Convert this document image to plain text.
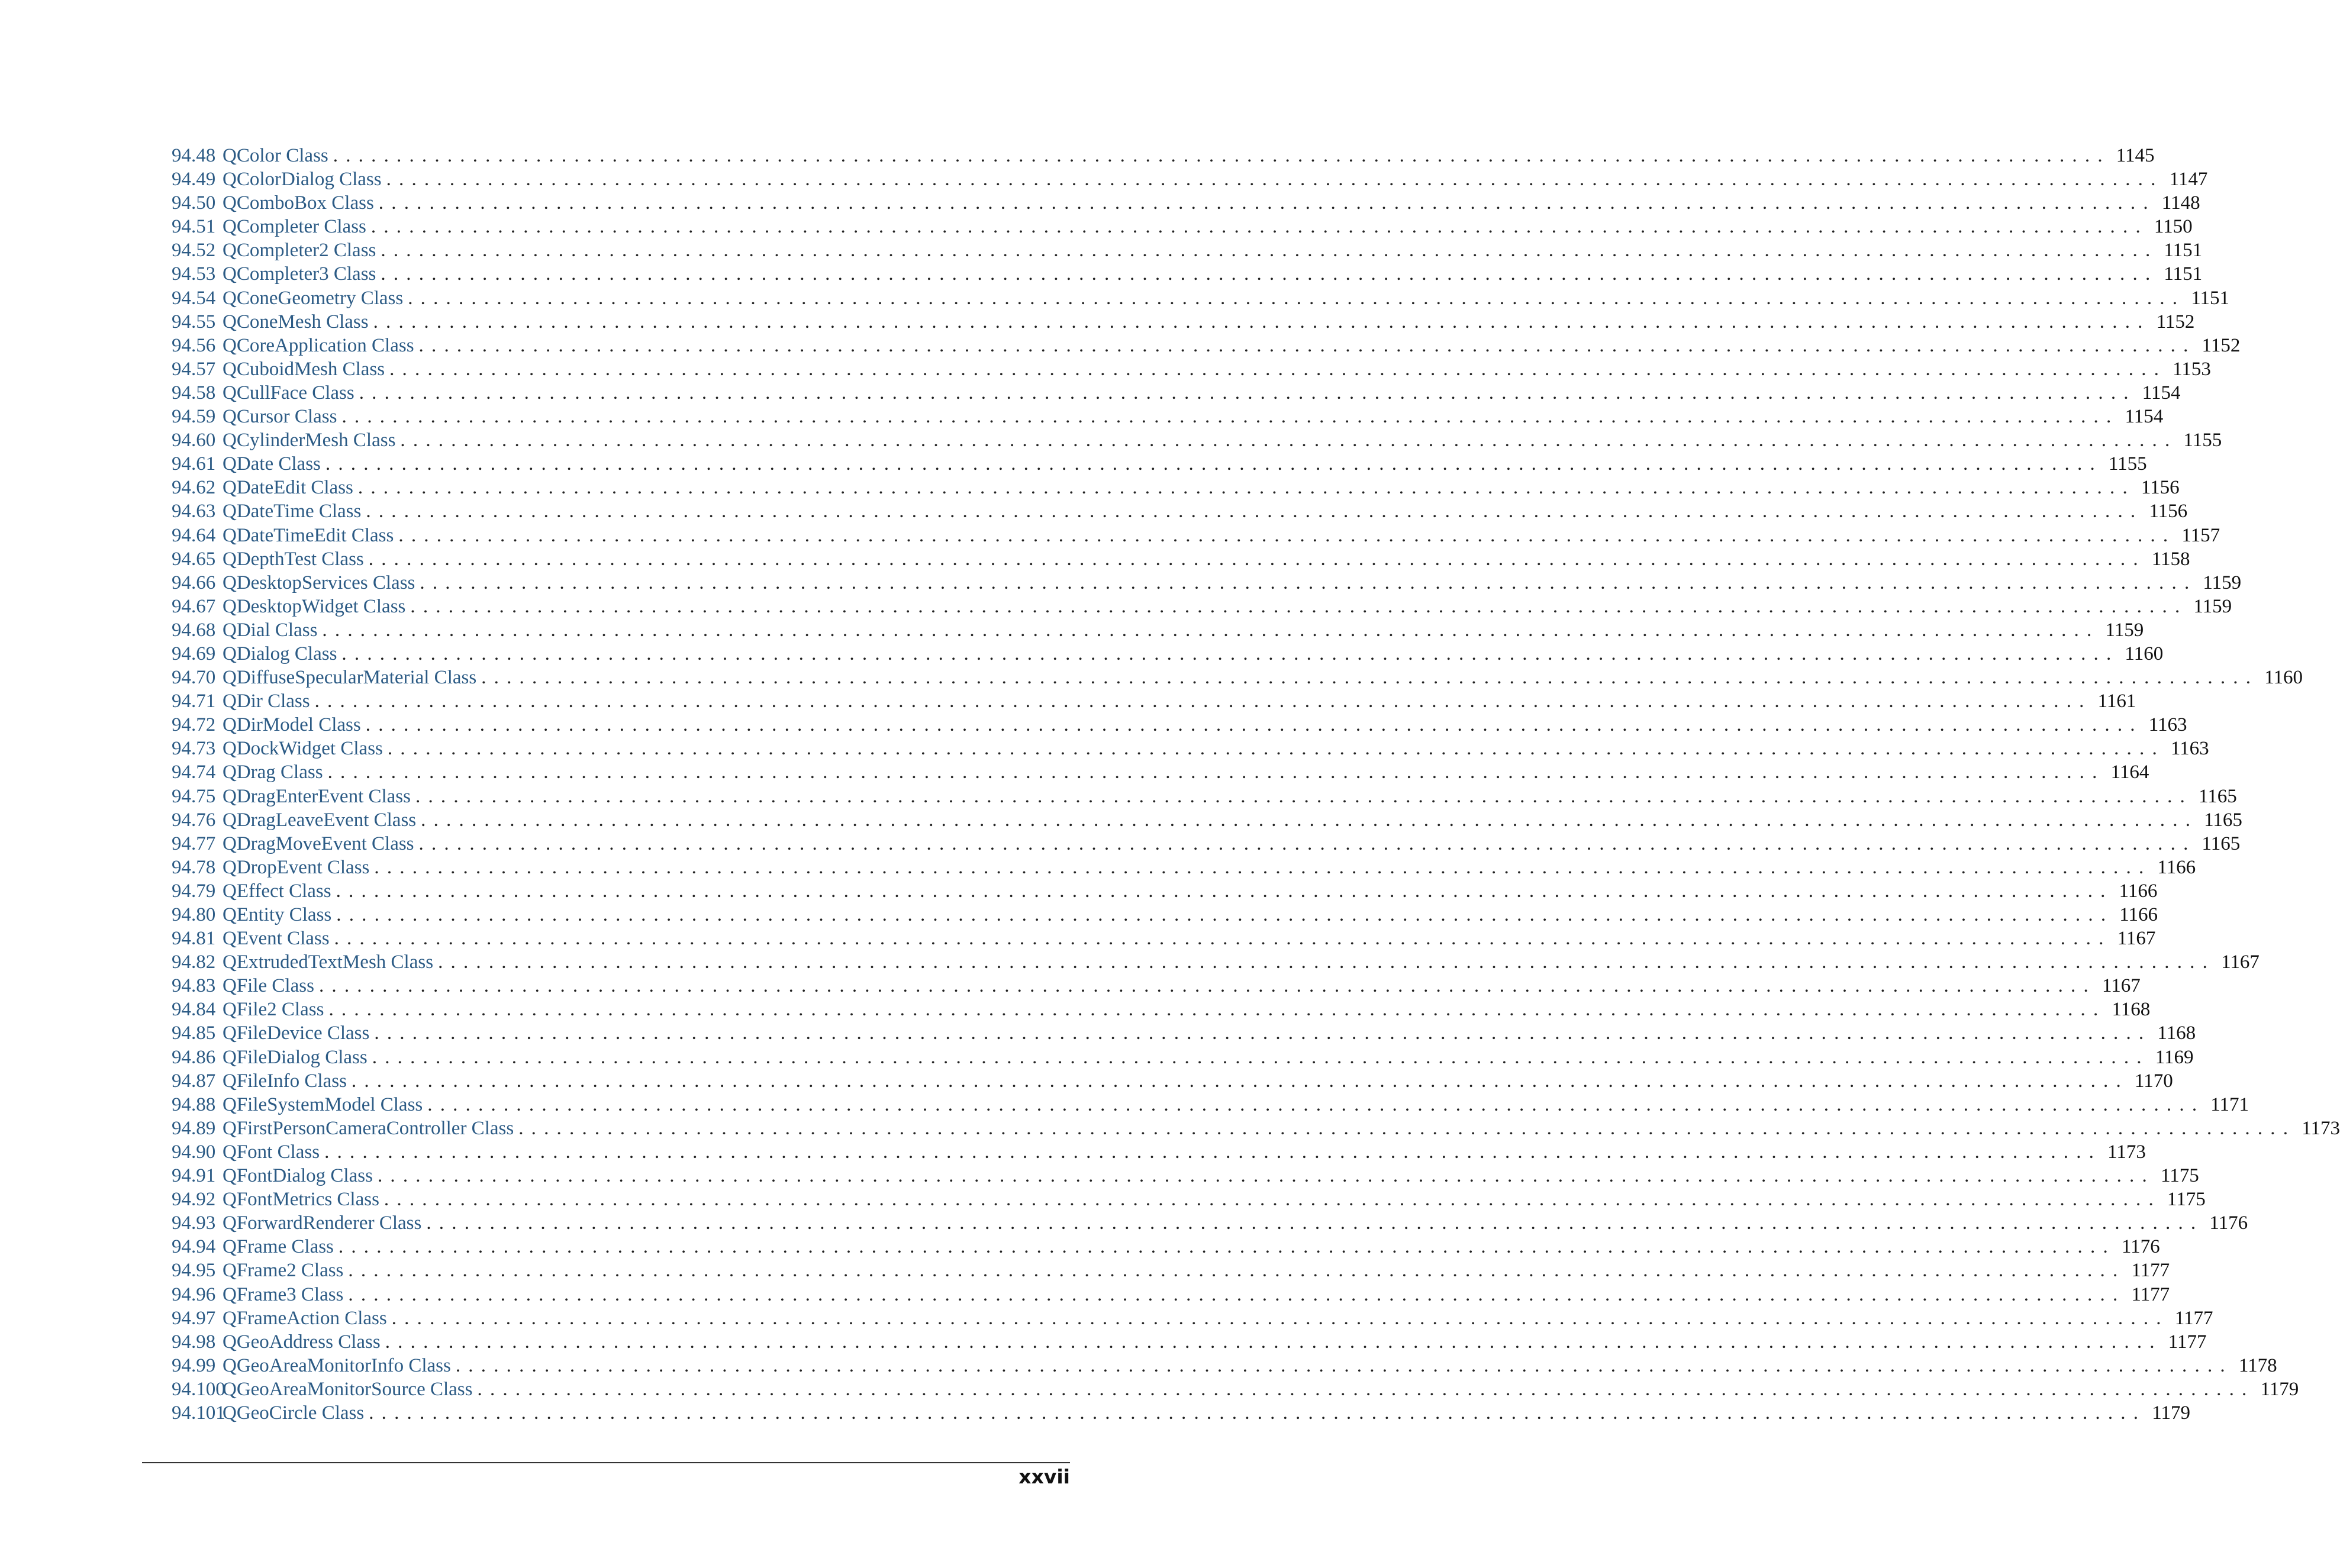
94.48 QColor Class ............................................................................................................................................ 1145
94.49 QColorDialog Class ............................................................................................................................................ 1147
94.50 QComboBox Class ............................................................................................................................................ 1148
94.51 QCompleter Class ............................................................................................................................................ 1150
94.52 QCompleter2 Class ............................................................................................................................................ 1151
94.53 QCompleter3 Class ............................................................................................................................................ 1151
94.54 QConeGeometry Class ............................................................................................................................................ 1151
94.55 QConeMesh Class ............................................................................................................................................ 1152
94.56 QCoreApplication Class ............................................................................................................................................ 1152
94.57 QCuboidMesh Class ............................................................................................................................................ 1153
94.58 QCullFace Class ............................................................................................................................................ 1154
94.59 QCursor Class ............................................................................................................................................ 1154
94.60 QCylinderMesh Class ............................................................................................................................................ 1155
94.61 QDate Class ............................................................................................................................................ 1155
94.62 QDateEdit Class ............................................................................................................................................ 1156
94.63 QDateTime Class ............................................................................................................................................ 1156
94.64 QDateTimeEdit Class ............................................................................................................................................ 1157
94.65 QDepthTest Class ............................................................................................................................................ 1158
94.66 QDesktopServices Class ............................................................................................................................................ 1159
94.67 QDesktopWidget Class ............................................................................................................................................ 1159
94.68 QDial Class ............................................................................................................................................ 1159
94.69 QDialog Class ............................................................................................................................................ 1160
94.70 QDiffuseSpecularMaterial Class ............................................................................................................................................ 1160
94.71 QDir Class ............................................................................................................................................ 1161
94.72 QDirModel Class ............................................................................................................................................ 1163
94.73 QDockWidget Class ............................................................................................................................................ 1163
94.74 QDrag Class ............................................................................................................................................ 1164
94.75 QDragEnterEvent Class ............................................................................................................................................ 1165
94.76 QDragLeaveEvent Class ............................................................................................................................................ 1165
94.77 QDragMoveEvent Class ............................................................................................................................................ 1165
94.78 QDropEvent Class ............................................................................................................................................ 1166
94.79 QEffect Class ............................................................................................................................................ 1166
94.80 QEntity Class ............................................................................................................................................ 1166
94.81 QEvent Class ............................................................................................................................................ 1167
94.82 QExtrudedTextMesh Class ............................................................................................................................................ 1167
94.83 QFile Class ............................................................................................................................................ 1167
94.84 QFile2 Class ............................................................................................................................................ 1168
94.85 QFileDevice Class ............................................................................................................................................ 1168
94.86 QFileDialog Class ............................................................................................................................................ 1169
94.87 QFileInfo Class ............................................................................................................................................ 1170
94.88 QFileSystemModel Class ............................................................................................................................................ 1171
94.89 QFirstPersonCameraController Class ............................................................................................................................................ 1173
94.90 QFont Class ............................................................................................................................................ 1173
94.91 QFontDialog Class ............................................................................................................................................ 1175
94.92 QFontMetrics Class ............................................................................................................................................ 1175
94.93 QForwardRenderer Class ............................................................................................................................................ 1176
94.94 QFrame Class ............................................................................................................................................ 1176
94.95 QFrame2 Class ............................................................................................................................................ 1177
94.96 QFrame3 Class ............................................................................................................................................ 1177
94.97 QFrameAction Class ............................................................................................................................................ 1177
94.98 QGeoAddress Class ............................................................................................................................................ 1177
94.99 QGeoAreaMonitorInfo Class ............................................................................................................................................ 1178
94.100
QGeoAreaMonitorSource Class ............................................................................................................................................ 1179
94.101
QGeoCircle Class ............................................................................................................................................ 1179
xxvii
